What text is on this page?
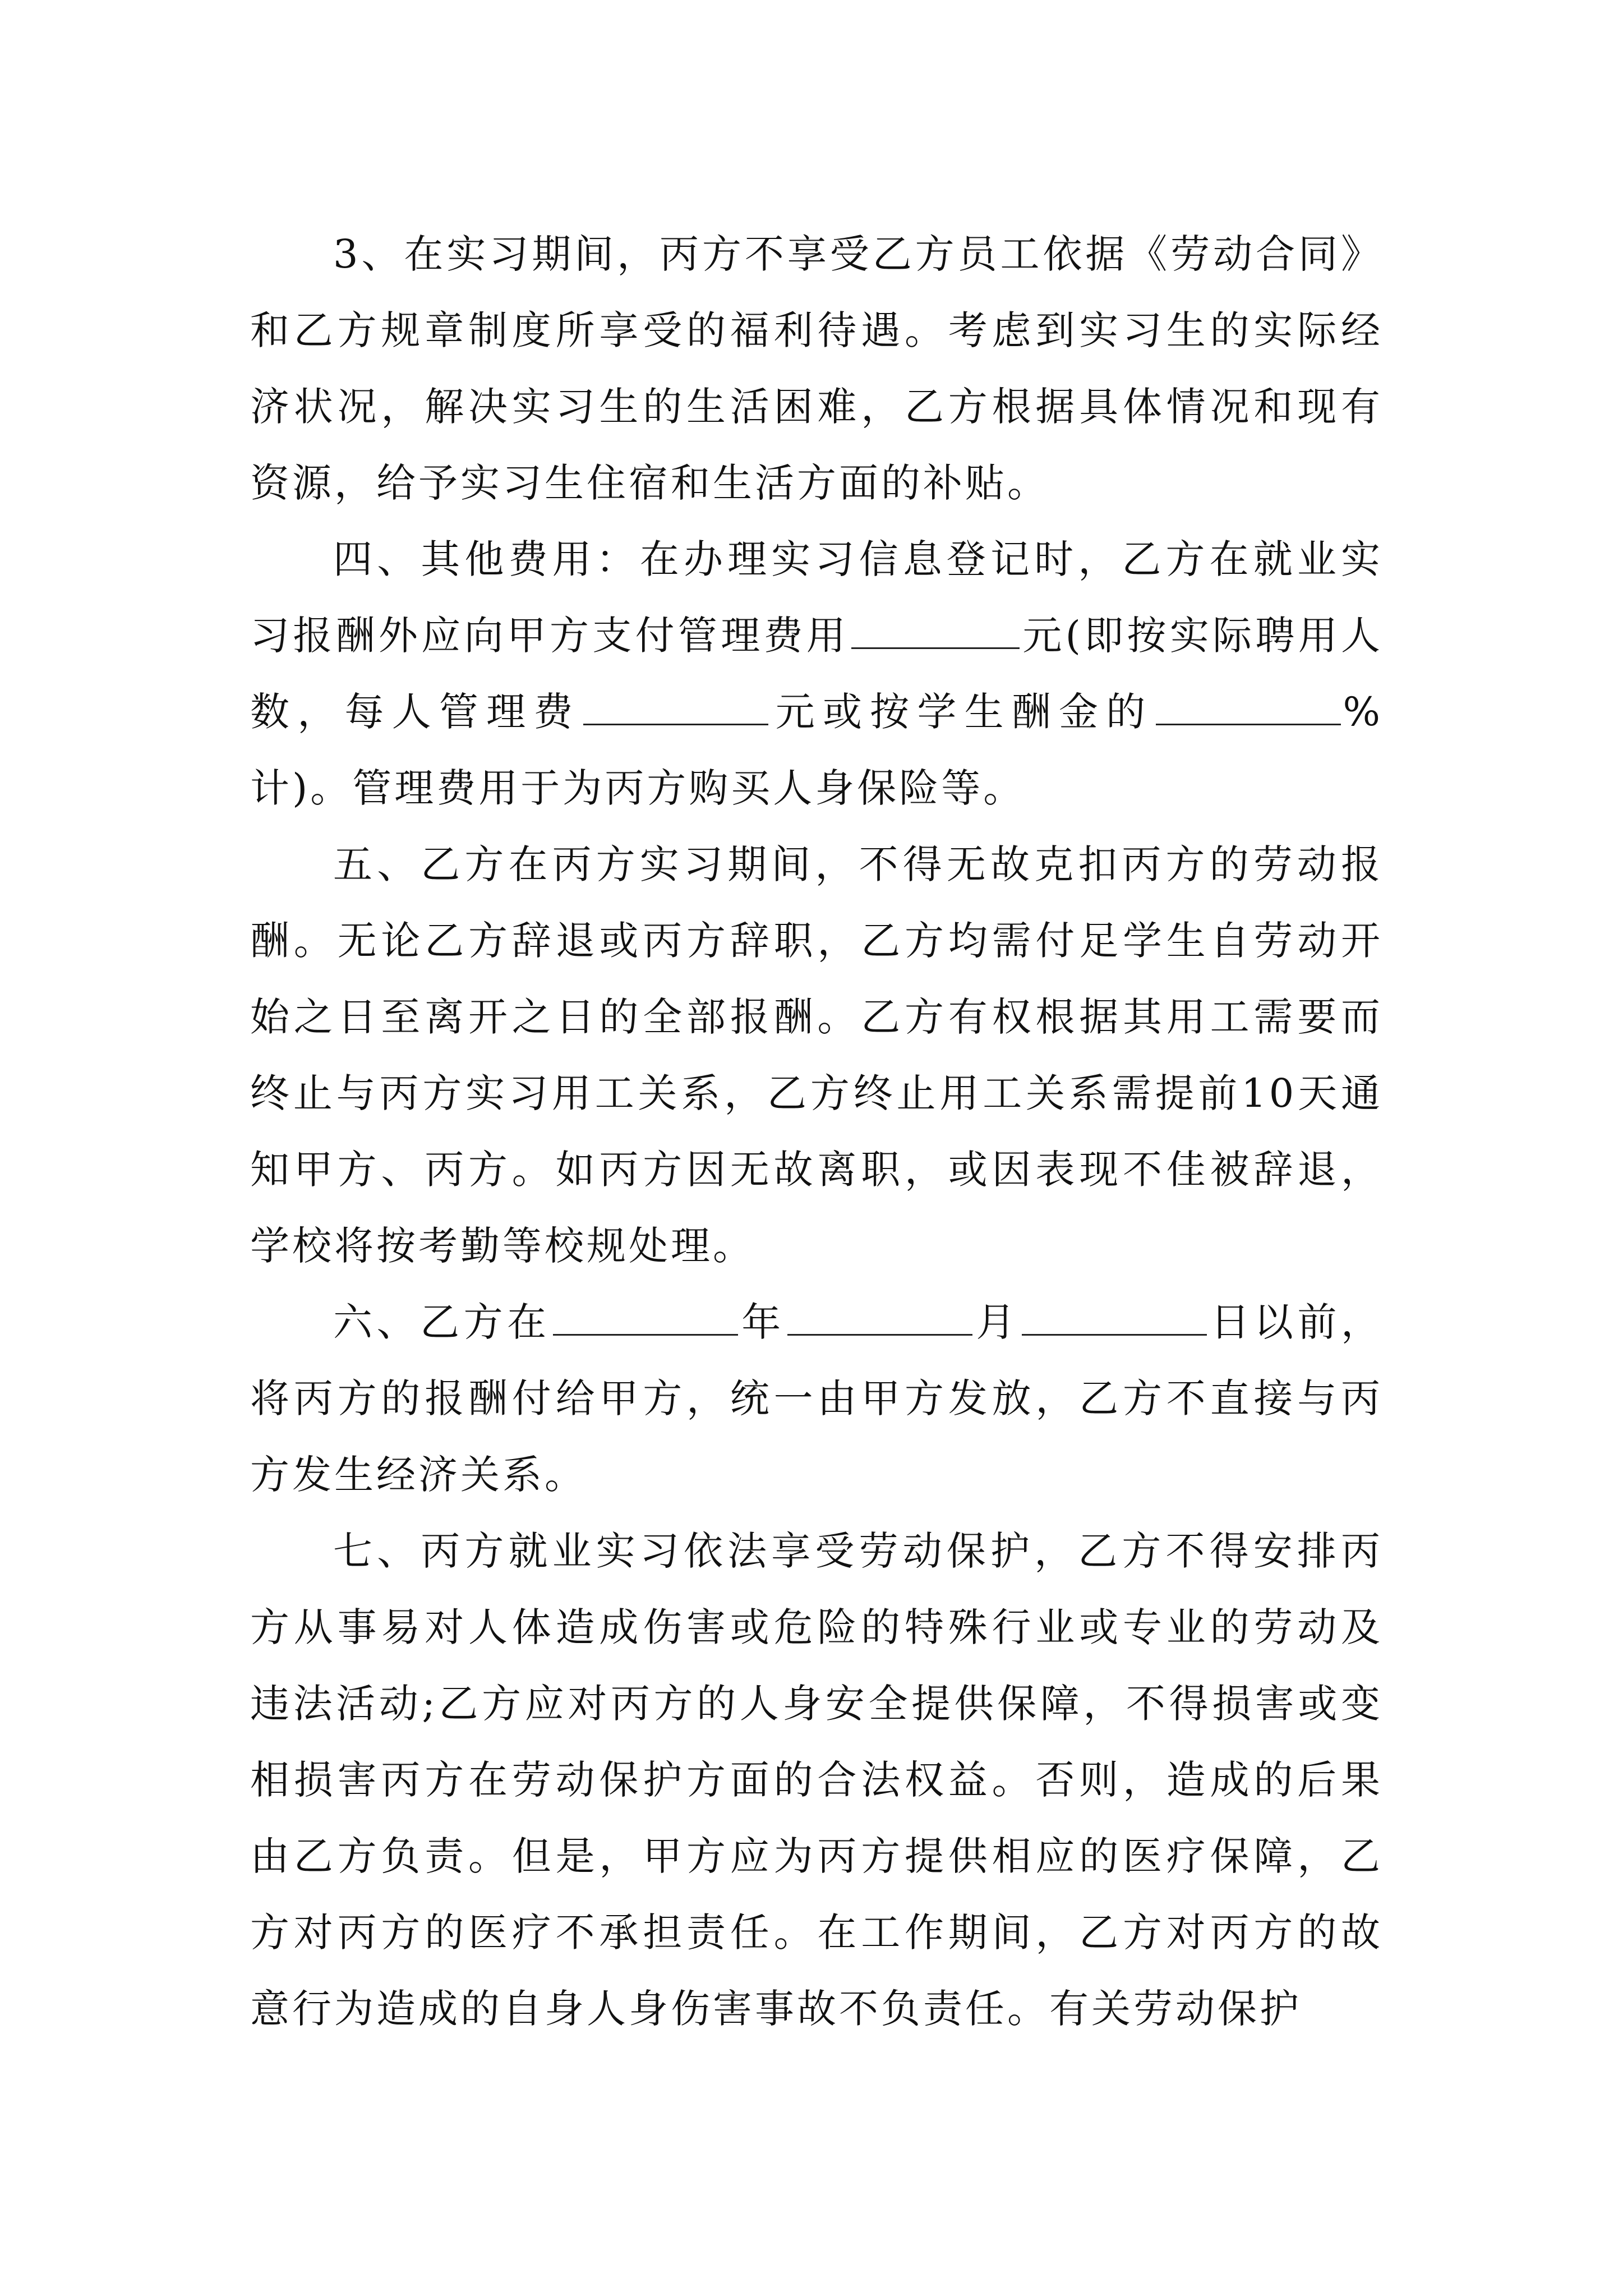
3、在实习期间，丙方不享受乙方员工依据《劳动合同》和乙方规章制度所享受的福利待遇。考虑到实习生的实际经济状况，解决实习生的生活困难，乙方根据具体情况和现有资源，给予实习生住宿和生活方面的补贴。

四、其他费用：在办理实习信息登记时，乙方在就业实习报酬外应向甲方支付管理费用	元(即按实际聘用人数，每人管理费	元或按学生酬金的	%计)。管理费用于为丙方购买人身保险等。

五、乙方在丙方实习期间，不得无故克扣丙方的劳动报酬。无论乙方辞退或丙方辞职，乙方均需付足学生自劳动开始之日至离开之日的全部报酬。乙方有权根据其用工需要而终止与丙方实习用工关系，乙方终止用工关系需提前10天通知甲方、丙方。如丙方因无故离职，或因表现不佳被辞退，学校将按考勤等校规处理。

六、乙方在	年	月	日以前，将丙方的报酬付给甲方，统一由甲方发放，乙方不直接与丙方发生经济关系。

七、丙方就业实习依法享受劳动保护，乙方不得安排丙方从事易对人体造成伤害或危险的特殊行业或专业的劳动及违法活动;乙方应对丙方的人身安全提供保障，不得损害或变相损害丙方在劳动保护方面的合法权益。否则，造成的后果由乙方负责。但是，甲方应为丙方提供相应的医疗保障，乙方对丙方的医疗不承担责任。在工作期间，乙方对丙方的故意行为造成的自身人身伤害事故不负责任。有关劳动保护
